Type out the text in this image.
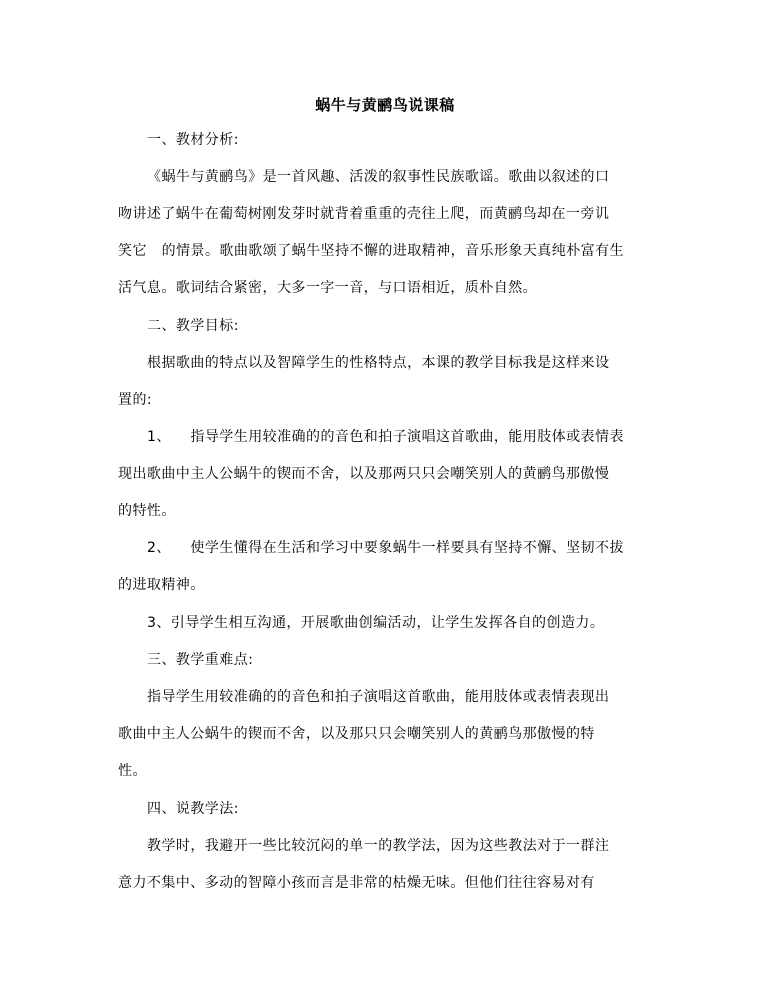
蜗牛与黄鹂鸟说课稿
一、教材分析:
《蜗牛与黄鹂鸟》是一首风趣、活泼的叙事性民族歌谣。歌曲以叙述的口
吻讲述了蜗牛在葡萄树刚发芽时就背着重重的壳往上爬，而黄鹂鸟却在一旁讥
笑它   的情景。歌曲歌颂了蜗牛坚持不懈的进取精神，音乐形象天真纯朴富有生
活气息。歌词结合紧密，大多一字一音，与口语相近，质朴自然。
二、教学目标:
根据歌曲的特点以及智障学生的性格特点，本课的教学目标我是这样来设
置的:
1、    指导学生用较准确的的音色和拍子演唱这首歌曲，能用肢体或表情表
现出歌曲中主人公蜗牛的锲而不舍，以及那两只只会嘲笑别人的黄鹂鸟那傲慢
的特性。
2、    使学生懂得在生活和学习中要象蜗牛一样要具有坚持不懈、坚韧不拔
的进取精神。
3、引导学生相互沟通，开展歌曲创编活动，让学生发挥各自的创造力。
三、教学重难点:
指导学生用较准确的的音色和拍子演唱这首歌曲，能用肢体或表情表现出
歌曲中主人公蜗牛的锲而不舍，以及那只只会嘲笑别人的黄鹂鸟那傲慢的特
性。
四、说教学法:
教学时，我避开一些比较沉闷的单一的教学法，因为这些教法对于一群注
意力不集中、多动的智障小孩而言是非常的枯燥无味。但他们往往容易对有
